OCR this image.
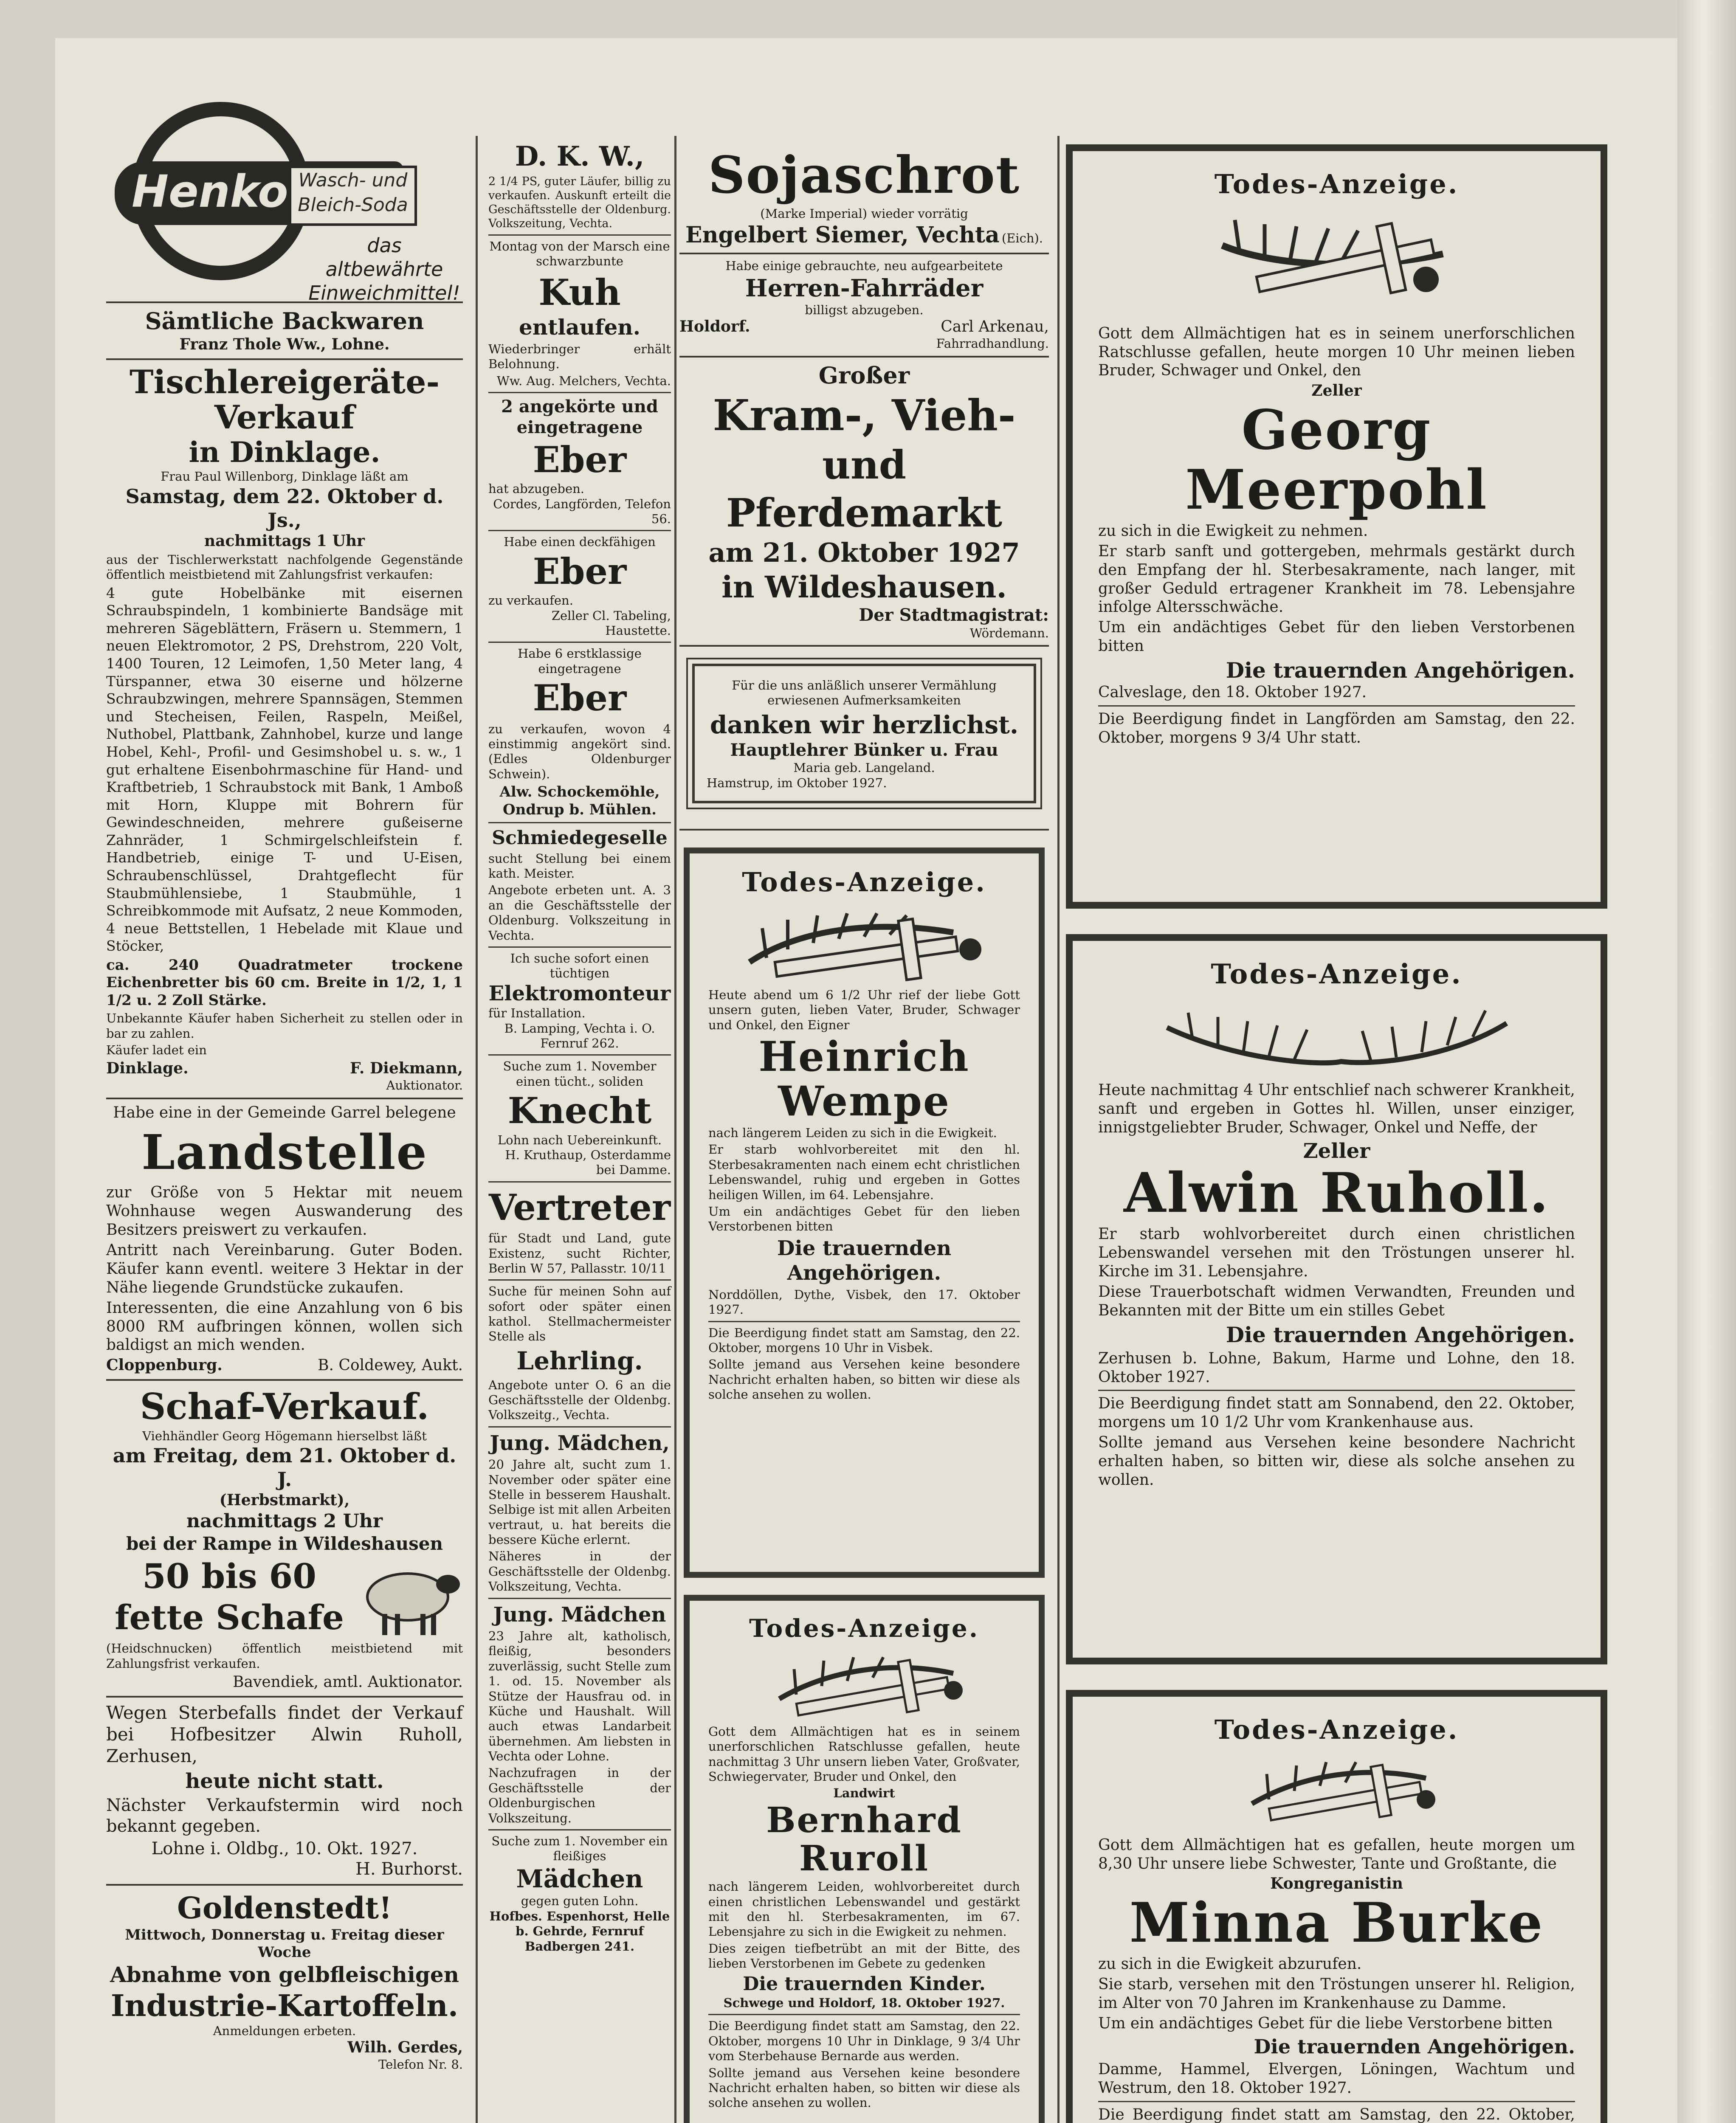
Henko Wasch- und
Bleich-Soda
das altbewährte
Einweichmittel!
Sämtliche Backwaren
Franz Thole Ww., Lohne.
Tischlereigeräte-Verkauf
in Dinklage.
Frau Paul Willenborg, Dinklage läßt am
Samstag, dem 22. Oktober d. Js.,
nachmittags 1 Uhr

aus der Tischlerwerkstatt nachfolgende Gegenstände öffentlich meistbietend mit Zahlungsfrist verkaufen:

4 gute Hobelbänke mit eisernen Schraubspindeln, 1 kombinierte Bandsäge mit mehreren Sägeblättern, Fräsern u. Stemmern, 1 neuen Elektromotor, 2 PS, Drehstrom, 220 Volt, 1400 Touren, 12 Leimofen, 1,50 Meter lang, 4 Türspanner, etwa 30 eiserne und hölzerne Schraubzwingen, mehrere Spannsägen, Stemmen und Stecheisen, Feilen, Raspeln, Meißel, Nuthobel, Plattbank, Zahnhobel, kurze und lange Hobel, Kehl-, Profil- und Gesimshobel u. s. w., 1 gut erhaltene Eisenbohrmaschine für Hand- und Kraftbetrieb, 1 Schraubstock mit Bank, 1 Amboß mit Horn, Kluppe mit Bohrern für Gewindeschneiden, mehrere gußeiserne Zahnräder, 1 Schmirgelschleifstein f. Handbetrieb, einige T- und U-Eisen, Schraubenschlüssel, Drahtgeflecht für Staubmühlensiebe, 1 Staubmühle, 1 Schreibkommode mit Aufsatz, 2 neue Kommoden, 4 neue Bettstellen, 1 Hebelade mit Klaue und Stöcker,

ca. 240 Quadratmeter trockene Eichenbretter bis 60 cm. Breite in 1/2, 1, 1 1/2 u. 2 Zoll Stärke.

Unbekannte Käufer haben Sicherheit zu stellen oder in bar zu zahlen.

Käufer ladet ein

Dinklage.	F. Diekmann,
Auktionator.

Habe eine in der Gemeinde Garrel belegene

Landstelle

zur Größe von 5 Hektar mit neuem Wohnhause wegen Auswanderung des Besitzers preiswert zu verkaufen.

Antritt nach Vereinbarung. Guter Boden. Käufer kann eventl. weitere 3 Hektar in der Nähe liegende Grundstücke zukaufen.

Interessenten, die eine Anzahlung von 6 bis 8000 RM aufbringen können, wollen sich baldigst an mich wenden.

Cloppenburg.	B. Coldewey, Aukt.
Schaf-Verkauf.
Viehhändler Georg Högemann hierselbst läßt
am Freitag, dem 21. Oktober d. J.
(Herbstmarkt),
nachmittags 2 Uhr
bei der Rampe in Wildeshausen
50 bis 60
fette Schafe

(Heidschnucken) öffentlich meistbietend mit Zahlungsfrist verkaufen.

Bavendiek, amtl. Auktionator.

Wegen Sterbefalls findet der Verkauf bei Hofbesitzer Alwin Ruholl, Zerhusen,

heute nicht statt.

Nächster Verkaufstermin wird noch bekannt gegeben.

Lohne i. Oldbg., 10. Okt. 1927.
H. Burhorst.
Goldenstedt!
Mittwoch, Donnerstag u. Freitag dieser Woche
Abnahme von gelbfleischigen
Industrie-Kartoffeln.
Anmeldungen erbeten.
Wilh. Gerdes,
Telefon Nr. 8.
D. K. W.,

2 1/4 PS, guter Läufer, billig zu verkaufen. Auskunft erteilt die Geschäftsstelle der Oldenburg. Volkszeitung, Vechta.

Montag von der Marsch eine schwarzbunte

Kuh
entlaufen.

Wiederbringer erhält Belohnung.

Ww. Aug. Melchers, Vechta.
2 angekörte und eingetragene
Eber
hat abzugeben.
Cordes, Langförden, Telefon 56.
Habe einen deckfähigen
Eber
zu verkaufen.
Zeller Cl. Tabeling, Haustette.
Habe 6 erstklassige eingetragene
Eber

zu verkaufen, wovon 4 einstimmig angekört sind. (Edles Oldenburger Schwein).

Alw. Schockemöhle, Ondrup b. Mühlen.
Schmiedegeselle

sucht Stellung bei einem kath. Meister.

Angebote erbeten unt. A. 3 an die Geschäftsstelle der Oldenburg. Volkszeitung in Vechta.

Ich suche sofort einen tüchtigen
Elektromonteur
für Installation.
B. Lamping, Vechta i. O. Fernruf 262.
Suche zum 1. November einen tücht., soliden
Knecht
Lohn nach Uebereinkunft.
H. Kruthaup, Osterdamme bei Damme.
Vertreter

für Stadt und Land, gute Existenz, sucht Richter, Berlin W 57, Pallasstr. 10/11

Suche für meinen Sohn auf sofort oder später einen kathol. Stellmachermeister Stelle als

Lehrling.

Angebote unter O. 6 an die Geschäftsstelle der Oldenbg. Volkszeitg., Vechta.

Jung. Mädchen,

20 Jahre alt, sucht zum 1. November oder später eine Stelle in besserem Haushalt. Selbige ist mit allen Arbeiten vertraut, u. hat bereits die bessere Küche erlernt.

Näheres in der Geschäftsstelle der Oldenbg. Volkszeitung, Vechta.

Jung. Mädchen

23 Jahre alt, katholisch, fleißig, besonders zuverlässig, sucht Stelle zum 1. od. 15. November als Stütze der Hausfrau od. in Küche und Haushalt. Will auch etwas Landarbeit übernehmen. Am liebsten in Vechta oder Lohne.

Nachzufragen in der Geschäftsstelle der Oldenburgischen Volkszeitung.

Suche zum 1. November ein fleißiges
Mädchen
gegen guten Lohn.
Hofbes. Espenhorst, Helle b. Gehrde, Fernruf Badbergen 241.
Sojaschrot
(Marke Imperial) wieder vorrätig
Engelbert Siemer, Vechta (Eich).
Habe einige gebrauchte, neu aufgearbeitete
Herren-Fahrräder
billigst abzugeben.
Holdorf.	Carl Arkenau,
Fahrradhandlung.
Großer
Kram-, Vieh-
und Pferdemarkt
am 21. Oktober 1927
in Wildeshausen.
Der Stadtmagistrat:
Wördemann.

Für die uns anläßlich unserer Vermählung erwiesenen Aufmerksamkeiten

danken wir herzlichst.
Hauptlehrer Bünker u. Frau
Maria geb. Langeland.
Hamstrup, im Oktober 1927.
Todes-Anzeige.

Heute abend um 6 1/2 Uhr rief der liebe Gott unsern guten, lieben Vater, Bruder, Schwager und Onkel, den Eigner

Heinrich Wempe

nach längerem Leiden zu sich in die Ewigkeit.

Er starb wohlvorbereitet mit den hl. Sterbesakramenten nach einem echt christlichen Lebenswandel, ruhig und ergeben in Gottes heiligen Willen, im 64. Lebensjahre.

Um ein andächtiges Gebet für den lieben Verstorbenen bitten

Die trauernden Angehörigen.

Norddöllen, Dythe, Visbek, den 17. Oktober 1927.

Die Beerdigung findet statt am Samstag, den 22. Oktober, morgens 10 Uhr in Visbek.

Sollte jemand aus Versehen keine besondere Nachricht erhalten haben, so bitten wir diese als solche ansehen zu wollen.

Todes-Anzeige.

Gott dem Allmächtigen hat es in seinem unerforschlichen Ratschlusse gefallen, heute nachmittag 3 Uhr unsern lieben Vater, Großvater, Schwiegervater, Bruder und Onkel, den

Landwirt
Bernhard Ruroll

nach längerem Leiden, wohlvorbereitet durch einen christlichen Lebenswandel und gestärkt mit den hl. Sterbesakramenten, im 67. Lebensjahre zu sich in die Ewigkeit zu nehmen.

Dies zeigen tiefbetrübt an mit der Bitte, des lieben Verstorbenen im Gebete zu gedenken

Die trauernden Kinder.
Schwege und Holdorf, 18. Oktober 1927.

Die Beerdigung findet statt am Samstag, den 22. Oktober, morgens 10 Uhr in Dinklage, 9 3/4 Uhr vom Sterbehause Bernarde aus werden.

Sollte jemand aus Versehen keine besondere Nachricht erhalten haben, so bitten wir diese als solche ansehen zu wollen.

Todes-Anzeige.

Gott dem Allmächtigen hat es in seinem unerforschlichen Ratschlusse gefallen, heute morgen 10 Uhr meinen lieben Bruder, Schwager und Onkel, den

Zeller
Georg Meerpohl

zu sich in die Ewigkeit zu nehmen.

Er starb sanft und gottergeben, mehrmals gestärkt durch den Empfang der hl. Sterbesakramente, nach langer, mit großer Geduld ertragener Krankheit im 78. Lebensjahre infolge Altersschwäche.

Um ein andächtiges Gebet für den lieben Verstorbenen bitten

Die trauernden Angehörigen.
Calveslage, den 18. Oktober 1927.

Die Beerdigung findet in Langförden am Samstag, den 22. Oktober, morgens 9 3/4 Uhr statt.

Todes-Anzeige.

Heute nachmittag 4 Uhr entschlief nach schwerer Krankheit, sanft und ergeben in Gottes hl. Willen, unser einziger, innigstgeliebter Bruder, Schwager, Onkel und Neffe, der

Zeller
Alwin Ruholl.

Er starb wohlvorbereitet durch einen christlichen Lebenswandel versehen mit den Tröstungen unserer hl. Kirche im 31. Lebensjahre.

Diese Trauerbotschaft widmen Verwandten, Freunden und Bekannten mit der Bitte um ein stilles Gebet

Die trauernden Angehörigen.

Zerhusen b. Lohne, Bakum, Harme und Lohne, den 18. Oktober 1927.

Die Beerdigung findet statt am Sonnabend, den 22. Oktober, morgens um 10 1/2 Uhr vom Krankenhause aus.

Sollte jemand aus Versehen keine besondere Nachricht erhalten haben, so bitten wir, diese als solche ansehen zu wollen.

Todes-Anzeige.

Gott dem Allmächtigen hat es gefallen, heute morgen um 8,30 Uhr unsere liebe Schwester, Tante und Großtante, die

Kongreganistin
Minna Burke

zu sich in die Ewigkeit abzurufen.

Sie starb, versehen mit den Tröstungen unserer hl. Religion, im Alter von 70 Jahren im Krankenhause zu Damme.

Um ein andächtiges Gebet für die liebe Verstorbene bitten

Die trauernden Angehörigen.

Damme, Hammel, Elvergen, Löningen, Wachtum und Westrum, den 18. Oktober 1927.

Die Beerdigung findet statt am Samstag, den 22. Oktober,
